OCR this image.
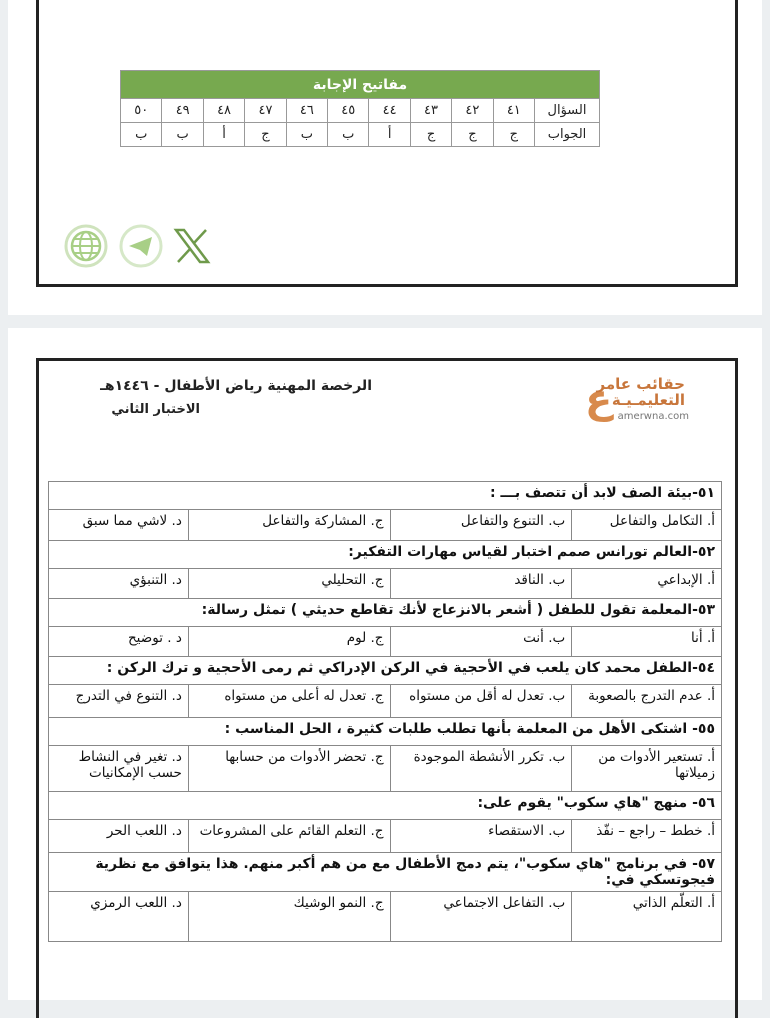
مفاتيح الإجابة										
السؤال	٤١	٤٢	٤٣	٤٤	٤٥	٤٦	٤٧	٤٨	٤٩	٥٠
الجواب	ج	ج	ج	أ	ب	ب	ج	أ	ب	ب
الرخصة المهنية رياض الأطفال - ١٤٤٦هـ
الاختبار الثاني	ع
حقائب عامر
التعليمـيـة
amerwna.com
٥١-بيئة الصف لابد أن تتصف بـــ :			
أ. التكامل والتفاعل	ب. التنوع والتفاعل	ج. المشاركة والتفاعل	د. لاشي مما سبق
٥٢-العالم تورانس صمم اختبار لقياس مهارات التفكير:			
أ. الإبداعي	ب. الناقد	ج. التحليلي	د. التنبؤي
٥٣-المعلمة تقول للطفل ( أشعر بالانزعاج لأنك تقاطع حديثي ) تمثل رسالة:			
أ. أنا	ب. أنت	ج. لوم	د . توضيح
٥٤-الطفل محمد كان يلعب في الأحجية في الركن الإدراكي ثم رمى الأحجية و ترك الركن :			
أ. عدم التدرج بالصعوبة	ب. تعدل له أقل من مستواه	ج. تعدل له أعلى من مستواه	د. التنوع في التدرج
٥٥- اشتكى الأهل من المعلمة بأنها تطلب طلبات كثيرة ، الحل المناسب :			
أ. تستعير الأدوات من زميلاتها	ب. تكرر الأنشطة الموجودة	ج. تحضر الأدوات من حسابها	د. تغير في النشاط حسب الإمكانيات
٥٦- منهج "هاي سكوب" يقوم على:			
أ. خطط – راجع – نفّذ	ب. الاستقصاء	ج. التعلم القائم على المشروعات	د. اللعب الحر
٥٧- في برنامج "هاي سكوب"، يتم دمج الأطفال مع من هم أكبر منهم. هذا يتوافق مع نظرية فيجوتسكي في:			
أ. التعلّم الذاتي	ب. التفاعل الاجتماعي	ج. النمو الوشيك	د. اللعب الرمزي
